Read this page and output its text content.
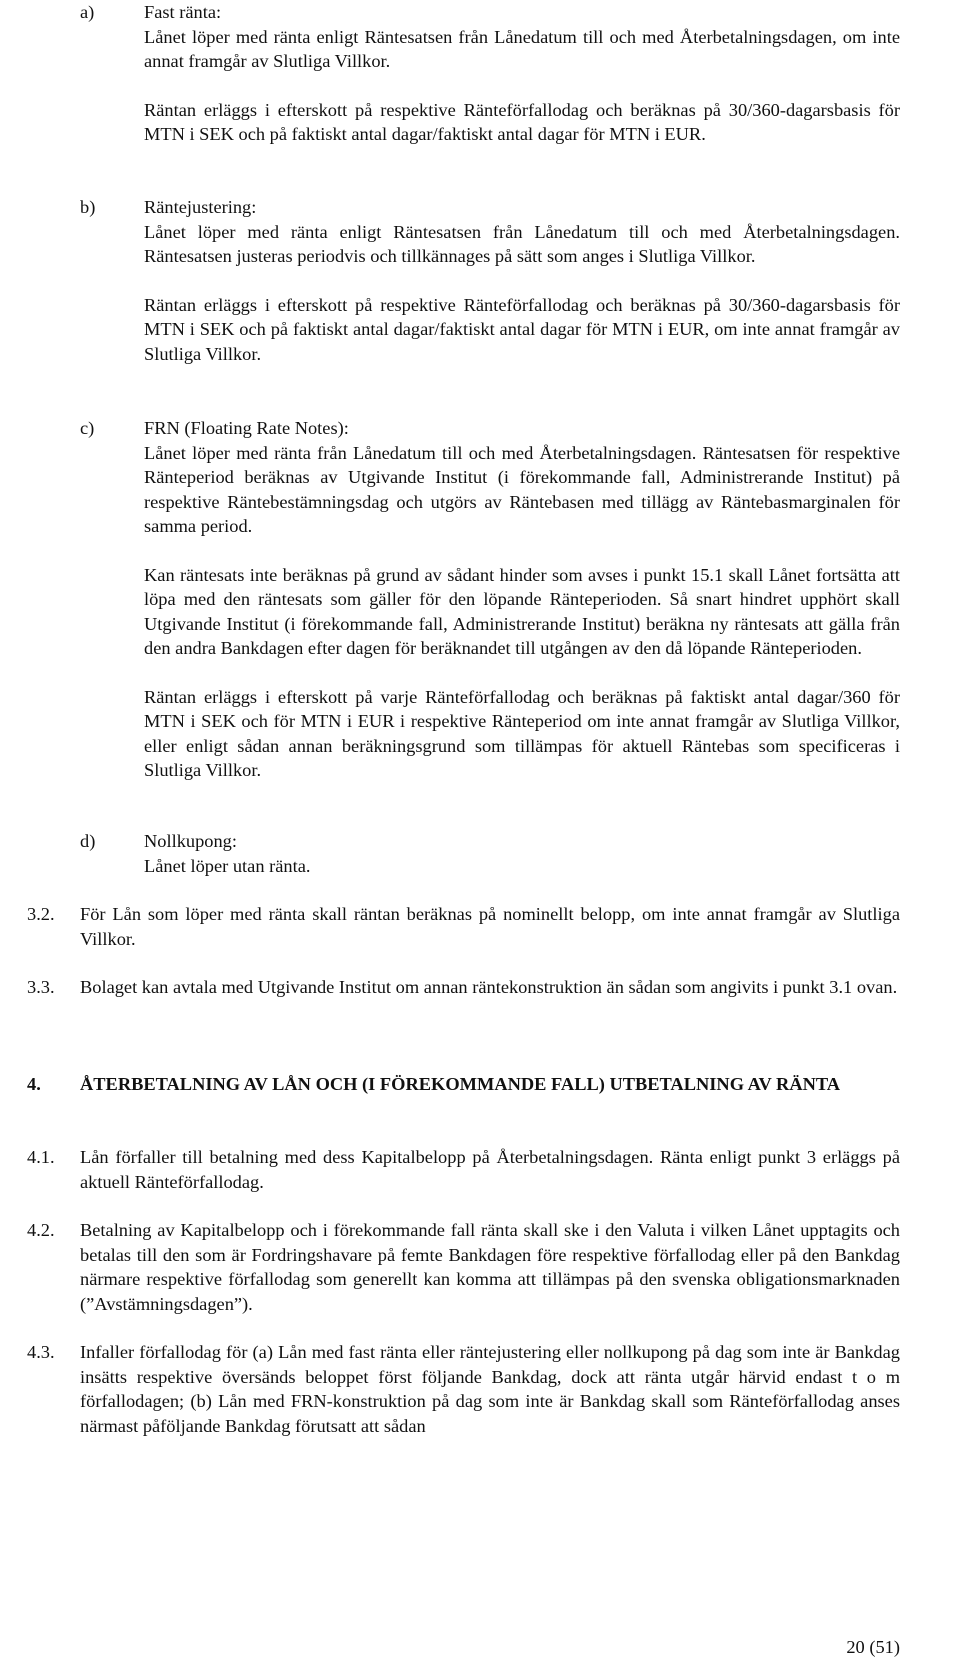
a)	Fast ränta:

Lånet löper med ränta enligt Räntesatsen från Lånedatum till och med Återbetalningsdagen, om inte annat framgår av Slutliga Villkor.

Räntan erläggs i efterskott på respektive Ränteförfallodag och beräknas på 30/360-dagarsbasis för MTN i SEK och på faktiskt antal dagar/faktiskt antal dagar för MTN i EUR.

b)	Räntejustering:

Lånet löper med ränta enligt Räntesatsen från Lånedatum till och med Återbetalningsdagen. Räntesatsen justeras periodvis och tillkännages på sätt som anges i Slutliga Villkor.

Räntan erläggs i efterskott på respektive Ränteförfallodag och beräknas på 30/360-dagarsbasis för MTN i SEK och på faktiskt antal dagar/faktiskt antal dagar för MTN i EUR, om inte annat framgår av Slutliga Villkor.

c)	FRN (Floating Rate Notes):

Lånet löper med ränta från Lånedatum till och med Återbetalningsdagen. Räntesatsen för respektive Ränteperiod beräknas av Utgivande Institut (i förekommande fall, Administrerande Institut) på respektive Räntebestämningsdag och utgörs av Räntebasen med tillägg av Räntebasmarginalen för samma period.

Kan räntesats inte beräknas på grund av sådant hinder som avses i punkt 15.1 skall Lånet fortsätta att löpa med den räntesats som gäller för den löpande Ränteperioden. Så snart hindret upphört skall Utgivande Institut (i förekommande fall, Administrerande Institut) beräkna ny räntesats att gälla från den andra Bankdagen efter dagen för beräknandet till utgången av den då löpande Ränteperioden.

Räntan erläggs i efterskott på varje Ränteförfallodag och beräknas på faktiskt antal dagar/360 för MTN i SEK och för MTN i EUR i respektive Ränteperiod om inte annat framgår av Slutliga Villkor, eller enligt sådan annan beräkningsgrund som tillämpas för aktuell Räntebas som specificeras i Slutliga Villkor.

d)	Nollkupong:

Lånet löper utan ränta.

3.2. För Lån som löper med ränta skall räntan beräknas på nominellt belopp, om inte annat framgår av Slutliga Villkor.

3.3. Bolaget kan avtala med Utgivande Institut om annan räntekonstruktion än sådan som angivits i punkt 3.1 ovan.

4. ÅTERBETALNING AV LÅN OCH (I FÖREKOMMANDE FALL) UTBETALNING AV RÄNTA

4.1. Lån förfaller till betalning med dess Kapitalbelopp på Återbetalningsdagen. Ränta enligt punkt 3 erläggs på aktuell Ränteförfallodag.

4.2. Betalning av Kapitalbelopp och i förekommande fall ränta skall ske i den Valuta i vilken Lånet upptagits och betalas till den som är Fordringshavare på femte Bankdagen före respektive förfallodag eller på den Bankdag närmare respektive förfallodag som generellt kan komma att tillämpas på den svenska obligationsmarknaden (”Avstämningsdagen”).

4.3. Infaller förfallodag för (a) Lån med fast ränta eller räntejustering eller nollkupong på dag som inte är Bankdag insätts respektive översänds beloppet först följande Bankdag, dock att ränta utgår härvid endast t o m förfallodagen; (b) Lån med FRN-konstruktion på dag som inte är Bankdag skall som Ränteförfallodag anses närmast påföljande Bankdag förutsatt att sådan

20 (51)
